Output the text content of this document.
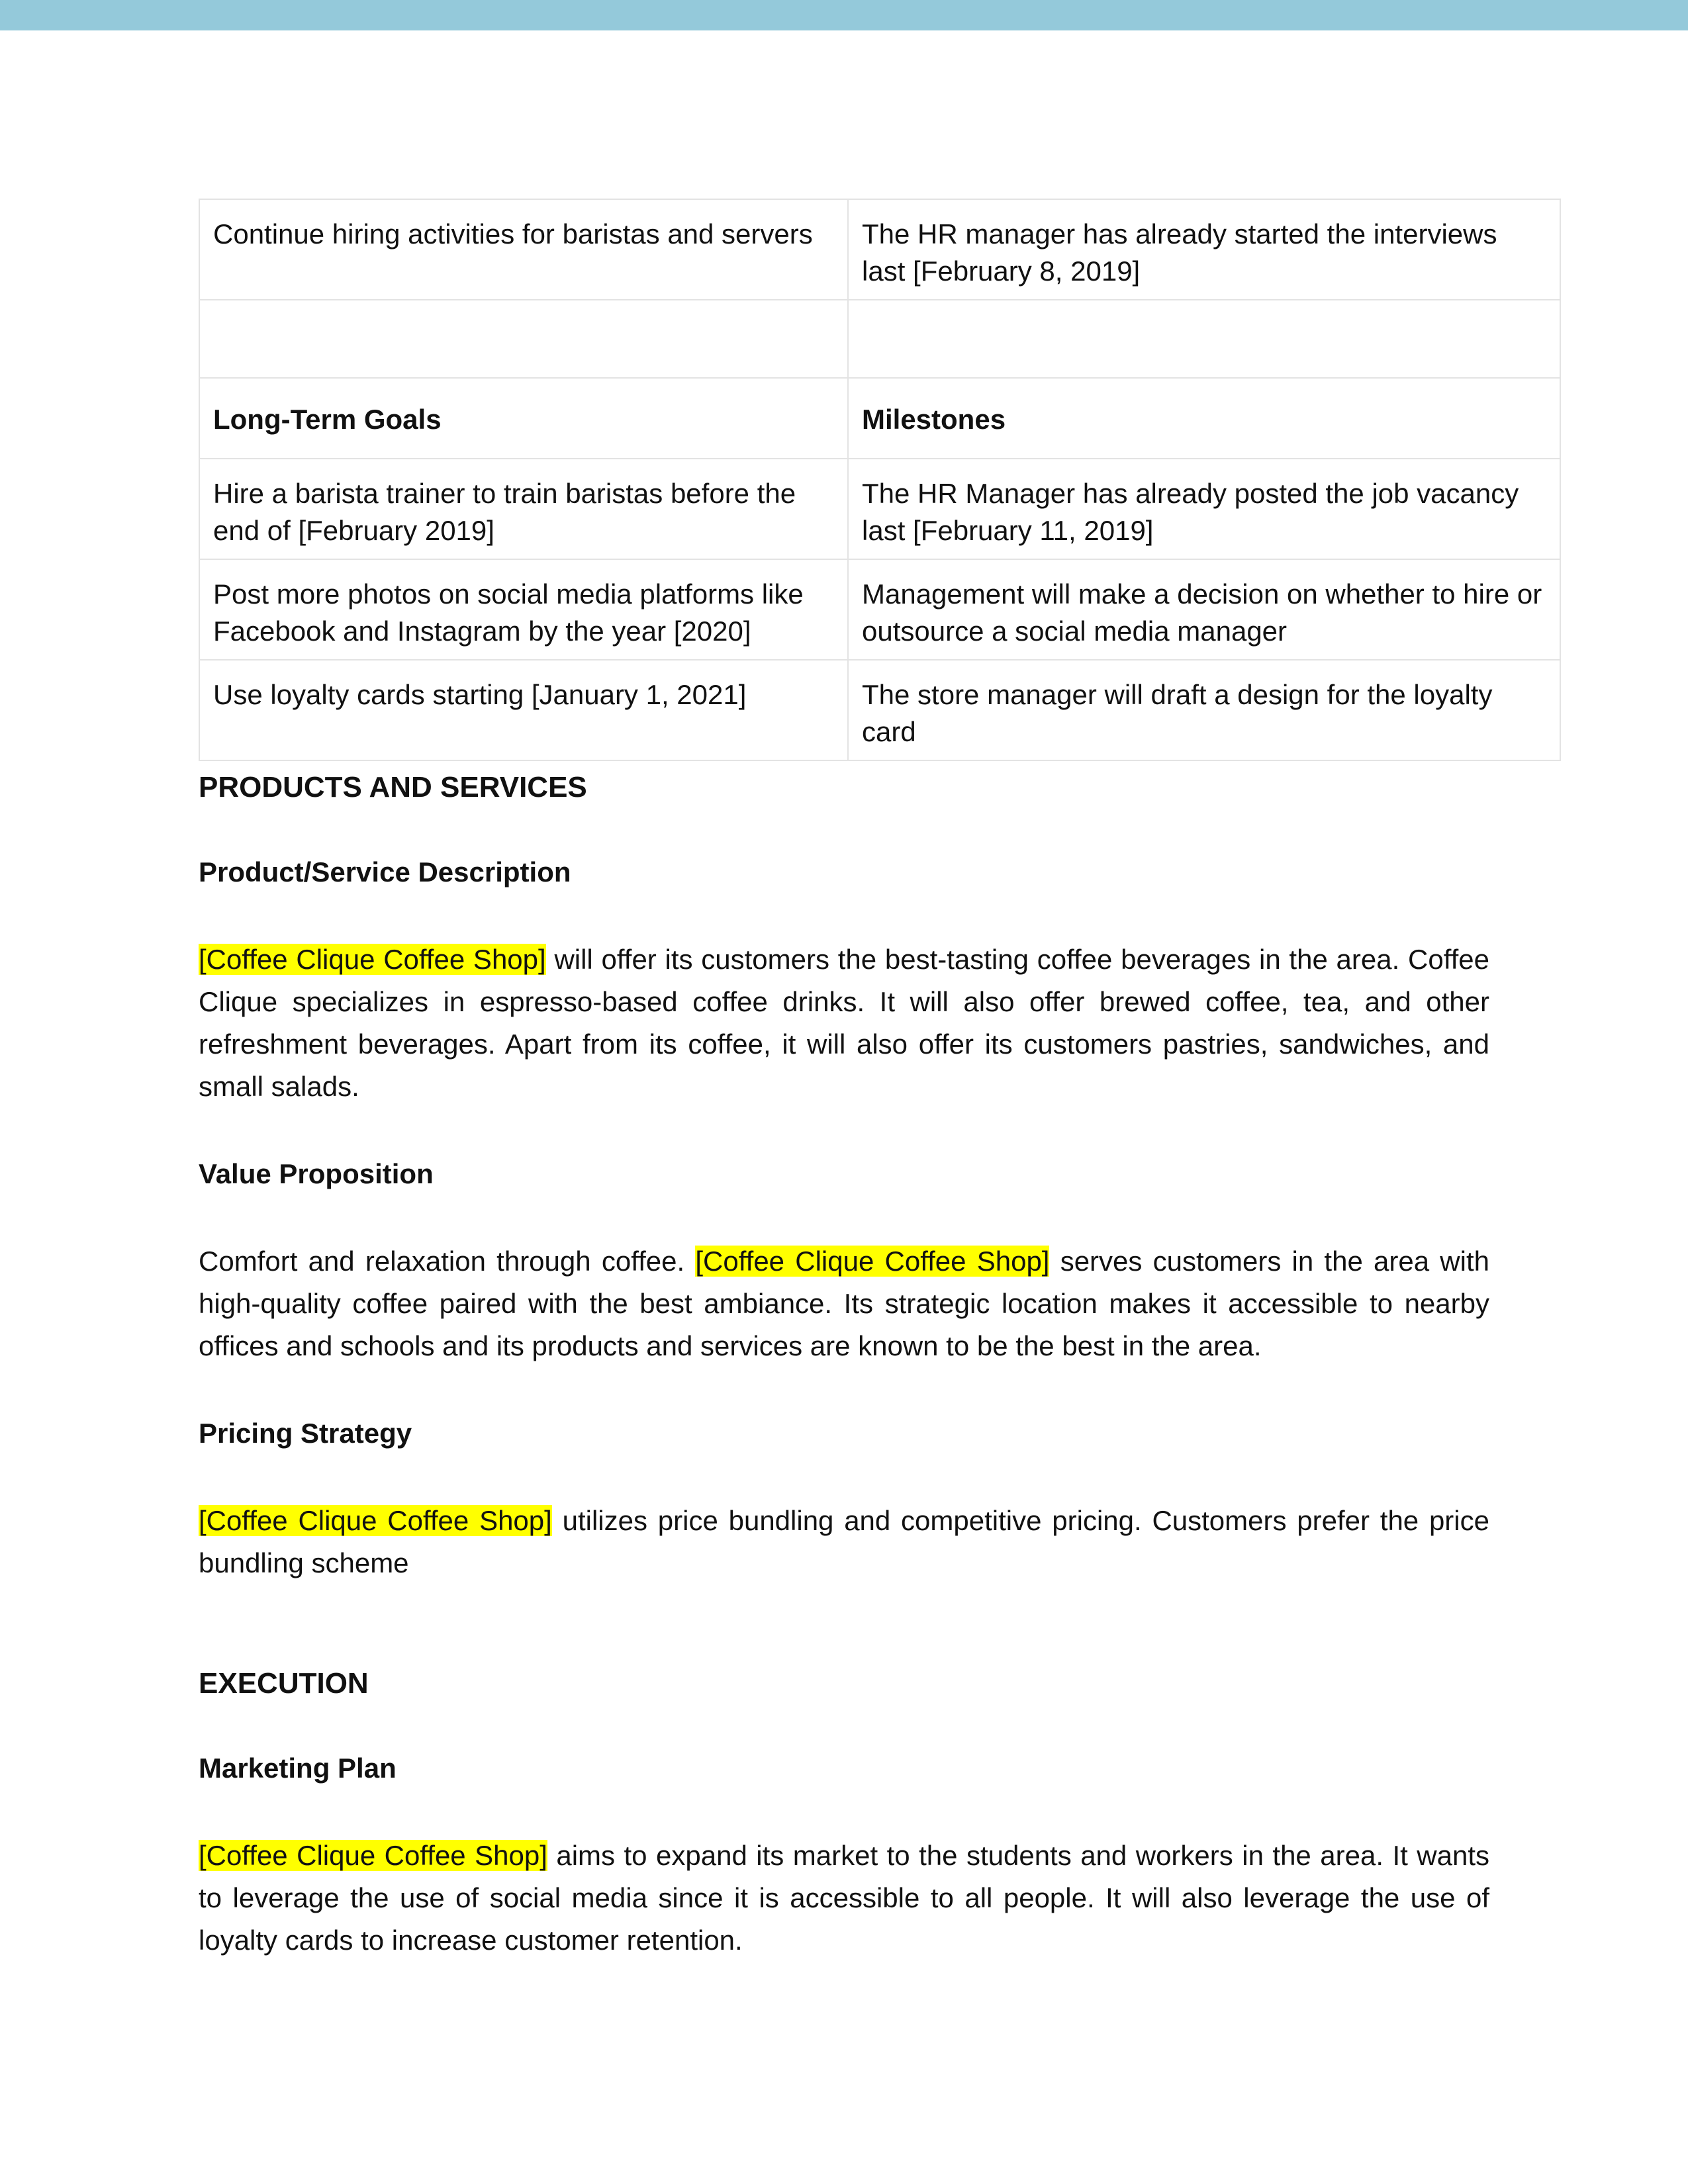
Continue hiring activities for baristas and servers	The HR manager has already started the interviews last [February 8, 2019]

Long-Term Goals	Milestones
Hire a barista trainer to train baristas before the end of [February 2019]	The HR Manager has already posted the job vacancy last [February 11, 2019]
Post more photos on social media platforms like Facebook and Instagram by the year [2020]	Management will make a decision on whether to hire or outsource a social media manager
Use loyalty cards starting [January 1, 2021]	The store manager will draft a design for the loyalty card
PRODUCTS AND SERVICES
Product/Service Description

[Coffee Clique Coffee Shop] will offer its customers the best-tasting coffee beverages in the area. Coffee Clique specializes in espresso-based coffee drinks. It will also offer brewed coffee, tea, and other refreshment beverages. Apart from its coffee, it will also offer its customers pastries, sandwiches, and small salads.

Value Proposition

Comfort and relaxation through coffee. [Coffee Clique Coffee Shop] serves customers in the area with high-quality coffee paired with the best ambiance. Its strategic location makes it accessible to nearby offices and schools and its products and services are known to be the best in the area.

Pricing Strategy

[Coffee Clique Coffee Shop] utilizes price bundling and competitive pricing. Customers prefer the price bundling scheme

EXECUTION
Marketing Plan

[Coffee Clique Coffee Shop] aims to expand its market to the students and workers in the area. It wants to leverage the use of social media since it is accessible to all people. It will also leverage the use of loyalty cards to increase customer retention.
